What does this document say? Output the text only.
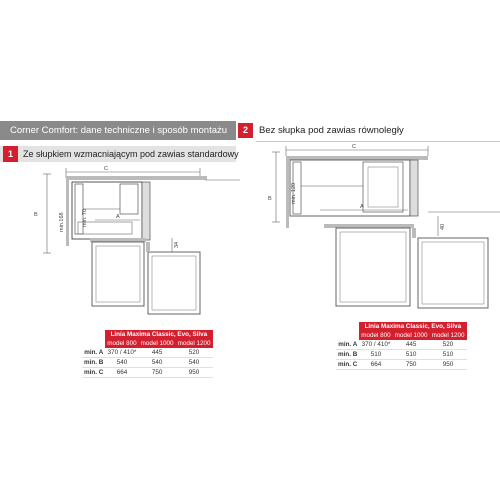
Corner Comfort: dane techniczne i sposób montażu	2	Bez słupka pod zawias równoległy
1	Ze słupkiem wzmacniającym pod zawias standardowy
C
B	A
min.168	min. 70
34
C
B
A
min. 120
40
	Linia Maxima Classic, Evo, Silva		
	model 800	model 1000	model 1200
min. A	370 / 410*	445	520
min. B	540	540	540
min. C	664	750	950
	Linia Maxima Classic, Evo, Silva		
	model 800	model 1000	model 1200
min. A	370 / 410*	445	520
min. B	510	510	510
min. C	664	750	950
